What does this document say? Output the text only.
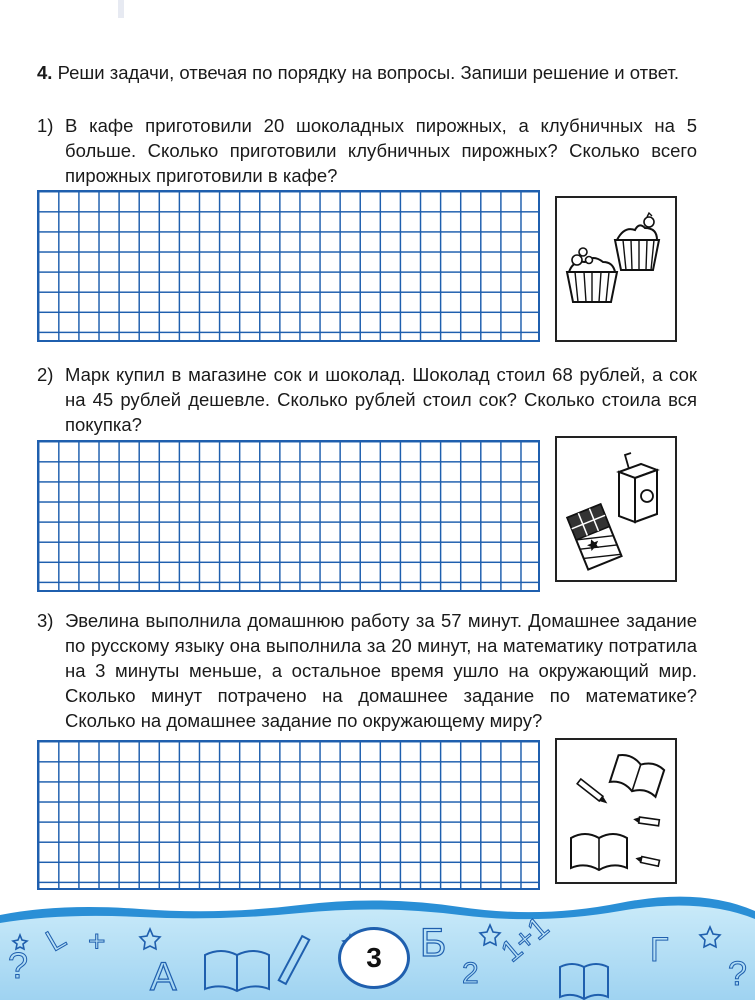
4. Реши задачи, отвечая по порядку на вопросы. Запиши решение и ответ.
1) В кафе приготовили 20 шоколадных пирожных, а клубничных на 5 больше. Сколько приготовили клубничных пирожных? Сколько всего пирожных приготовили в кафе?
2) Марк купил в магазине сок и шоколад. Шоколад стоил 68 рублей, а сок на 45 рублей дешевле. Сколько рублей стоил сок? Сколько стоила вся покупка?
3) Эвелина выполнила домашнюю работу за 57 минут. Домашнее задание по русскому языку она выполнила за 20 минут, на математику потратила на 3 минуты меньше, а остальное время ушло на окружающий мир. Сколько минут потрачено на домашнее задание по математике? Сколько на домашнее задание по окружающему миру?
?
L +
A
Б
2
1+1	Г
?
3
